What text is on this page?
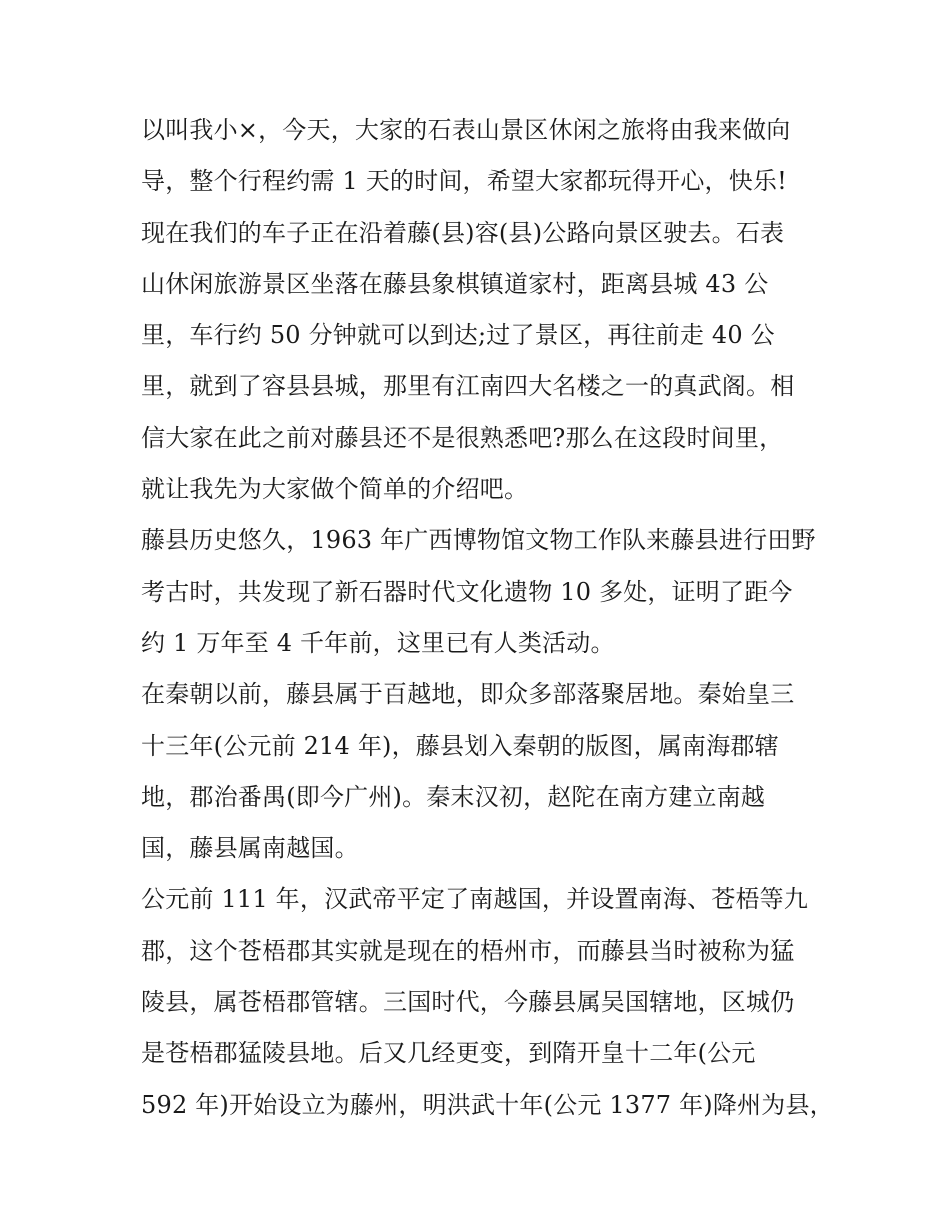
以叫我小×，今天，大家的石表山景区休闲之旅将由我来做向
导，整个行程约需 1 天的时间，希望大家都玩得开心，快乐!
现在我们的车子正在沿着藤(县)容(县)公路向景区驶去。石表
山休闲旅游景区坐落在藤县象棋镇道家村，距离县城 43 公
里，车行约 50 分钟就可以到达;过了景区，再往前走 40 公
里，就到了容县县城，那里有江南四大名楼之一的真武阁。相
信大家在此之前对藤县还不是很熟悉吧?那么在这段时间里，
就让我先为大家做个简单的介绍吧。
藤县历史悠久，1963 年广西博物馆文物工作队来藤县进行田野
考古时，共发现了新石器时代文化遗物 10 多处，证明了距今
约 1 万年至 4 千年前，这里已有人类活动。
在秦朝以前，藤县属于百越地，即众多部落聚居地。秦始皇三
十三年(公元前 214 年)，藤县划入秦朝的版图，属南海郡辖
地，郡治番禺(即今广州)。秦末汉初，赵陀在南方建立南越
国，藤县属南越国。
公元前 111 年，汉武帝平定了南越国，并设置南海、苍梧等九
郡，这个苍梧郡其实就是现在的梧州市，而藤县当时被称为猛
陵县，属苍梧郡管辖。三国时代，今藤县属吴国辖地，区城仍
是苍梧郡猛陵县地。后又几经更变，到隋开皇十二年(公元
592 年)开始设立为藤州，明洪武十年(公元 1377 年)降州为县，
